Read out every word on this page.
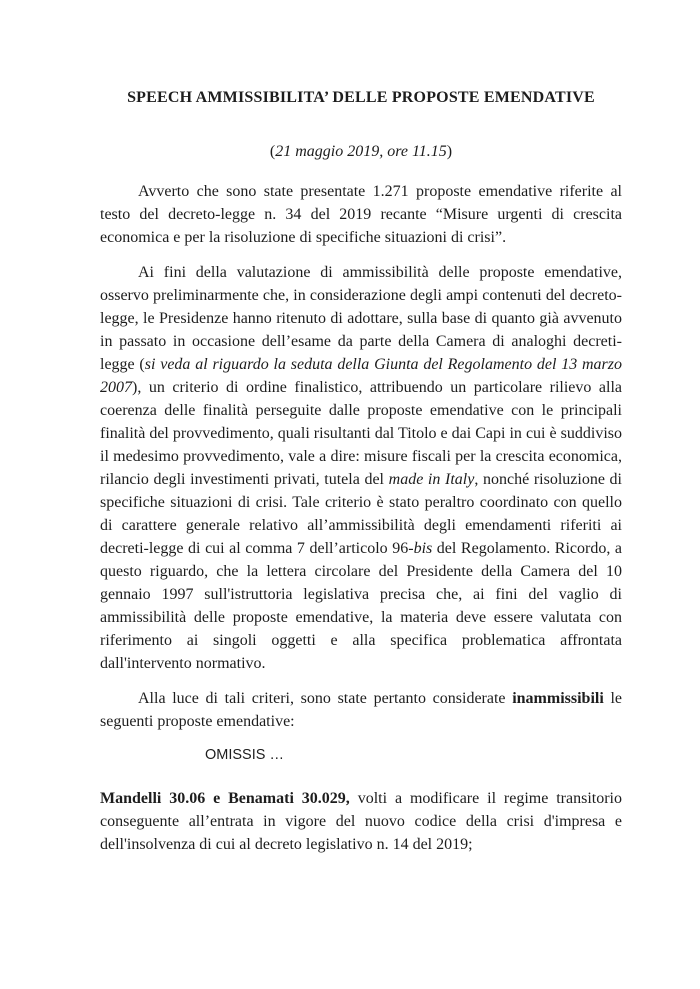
SPEECH AMMISSIBILITA’ DELLE PROPOSTE EMENDATIVE

(21 maggio 2019, ore 11.15)

Avverto che sono state presentate 1.271 proposte emendative riferite al testo del decreto-legge n. 34 del 2019 recante “Misure urgenti di crescita economica e per la risoluzione di specifiche situazioni di crisi”.

Ai fini della valutazione di ammissibilità delle proposte emendative, osservo preliminarmente che, in considerazione degli ampi contenuti del decreto-legge, le Presidenze hanno ritenuto di adottare, sulla base di quanto già avvenuto in passato in occasione dell’esame da parte della Camera di analoghi decreti-legge (si veda al riguardo la seduta della Giunta del Regolamento del 13 marzo 2007), un criterio di ordine finalistico, attribuendo un particolare rilievo alla coerenza delle finalità perseguite dalle proposte emendative con le principali finalità del provvedimento, quali risultanti dal Titolo e dai Capi in cui è suddiviso il medesimo provvedimento, vale a dire: misure fiscali per la crescita economica, rilancio degli investimenti privati, tutela del made in Italy, nonché risoluzione di specifiche situazioni di crisi. Tale criterio è stato peraltro coordinato con quello di carattere generale relativo all’ammissibilità degli emendamenti riferiti ai decreti-legge di cui al comma 7 dell’articolo 96-bis del Regolamento. Ricordo, a questo riguardo, che la lettera circolare del Presidente della Camera del 10 gennaio 1997 sull'istruttoria legislativa precisa che, ai fini del vaglio di ammissibilità delle proposte emendative, la materia deve essere valutata con riferimento ai singoli oggetti e alla specifica problematica affrontata dall'intervento normativo.

Alla luce di tali criteri, sono state pertanto considerate inammissibili le seguenti proposte emendative:

OMISSIS …

Mandelli 30.06 e Benamati 30.029, volti a modificare il regime transitorio conseguente all’entrata in vigore del nuovo codice della crisi d'impresa e dell'insolvenza di cui al decreto legislativo n. 14 del 2019;
